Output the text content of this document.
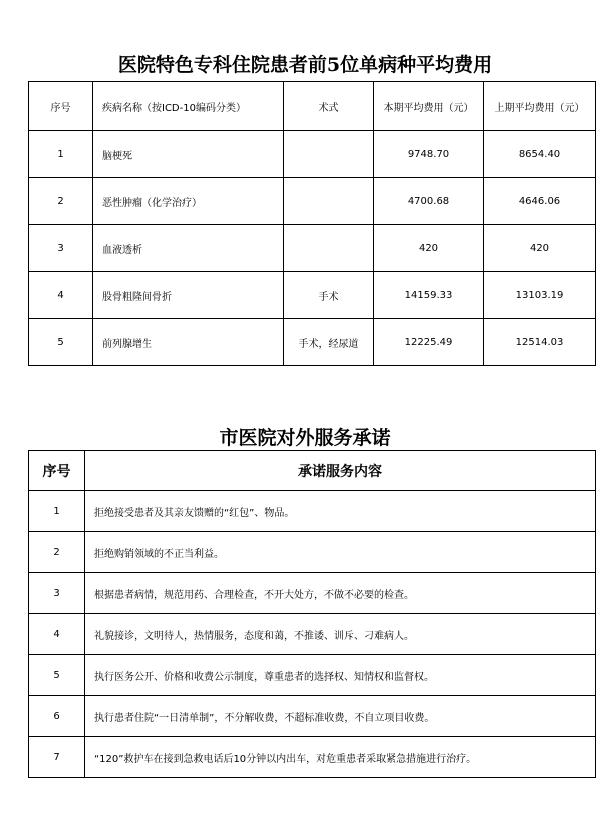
医院特色专科住院患者前5位单病种平均费用
序号	疾病名称（按ICD-10编码分类）	术式	本期平均费用（元）	上期平均费用（元）
1	脑梗死		9748.70	8654.40
2	恶性肿瘤（化学治疗）		4700.68	4646.06
3	血液透析		420	420
4	股骨粗隆间骨折	手术	14159.33	13103.19
5	前列腺增生	手术，经尿道	12225.49	12514.03
市医院对外服务承诺
序号	承诺服务内容
1	拒绝接受患者及其亲友馈赠的“红包”、物品。
2	拒绝购销领域的不正当利益。
3	根据患者病情，规范用药、合理检查，不开大处方，不做不必要的检查。
4	礼貌接诊，文明待人，热情服务，态度和蔼，不推诿、训斥、刁难病人。
5	执行医务公开、价格和收费公示制度，尊重患者的选择权、知情权和监督权。
6	执行患者住院“一日清单制”，不分解收费，不超标准收费，不自立项目收费。
7	“120”救护车在接到急救电话后10分钟以内出车，对危重患者采取紧急措施进行治疗。
